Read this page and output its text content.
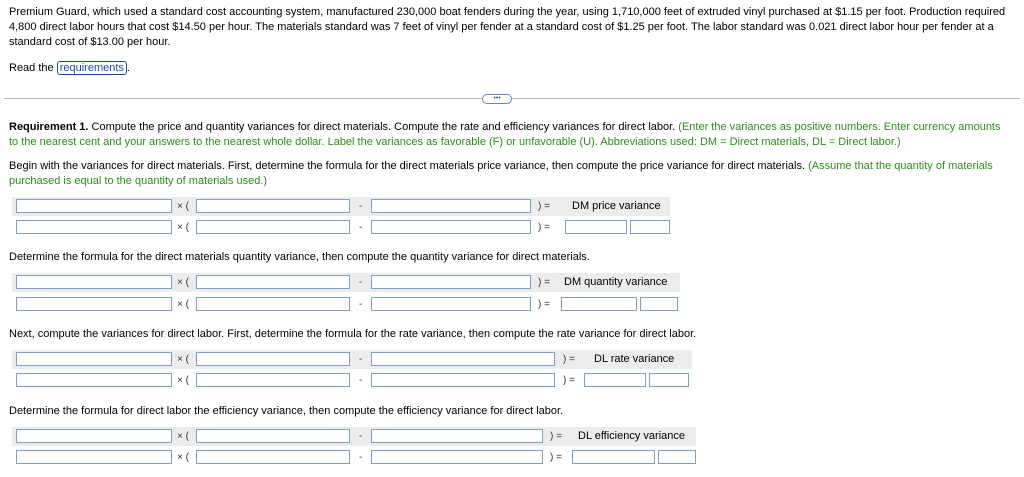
Premium Guard, which used a standard cost accounting system, manufactured 230,000 boat fenders during the year, using 1,710,000 feet of extruded vinyl purchased at $1.15 per foot. Production required 4,800 direct labor hours that cost $14.50 per hour. The materials standard was 7 feet of vinyl per fender at a standard cost of $1.25 per foot. The labor standard was 0.021 direct labor hour per fender at a standard cost of $13.00 per hour.
Read the requirements .
•••
Requirement 1. Compute the price and quantity variances for direct materials. Compute the rate and efficiency variances for direct labor. (Enter the variances as positive numbers. Enter currency amounts to the nearest cent and your answers to the nearest whole dollar. Label the variances as favorable (F) or unfavorable (U). Abbreviations used: DM = Direct materials, DL = Direct labor.)
Begin with the variances for direct materials. First, determine the formula for the direct materials price variance, then compute the price variance for direct materials. (Assume that the quantity of materials purchased is equal to the quantity of materials used.)
× (	-	) = DM price variance
× (	-	) =
Determine the formula for the direct materials quantity variance, then compute the quantity variance for direct materials.
× (	-	) = DM quantity variance
× (	-	) =
Next, compute the variances for direct labor. First, determine the formula for the rate variance, then compute the rate variance for direct labor.
× (	-	) = DL rate variance
× (	-	) =
Determine the formula for direct labor the efficiency variance, then compute the efficiency variance for direct labor.
× (	-	) = DL efficiency variance
× (	-	) =
